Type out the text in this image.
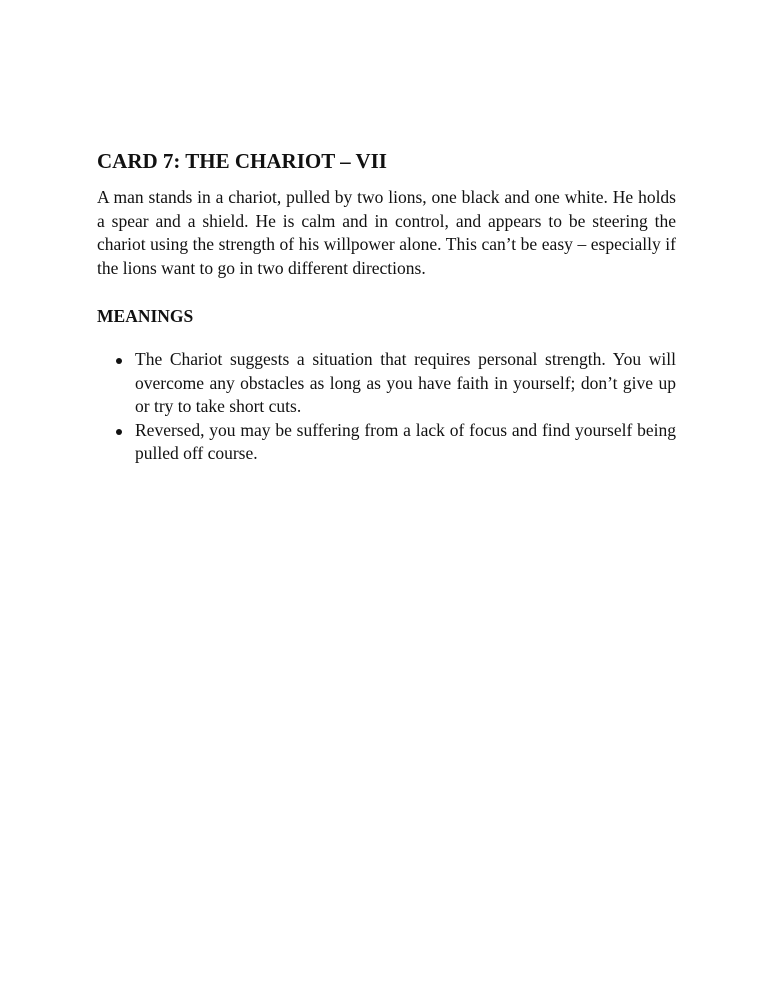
CARD 7: THE CHARIOT – VII

A man stands in a chariot, pulled by two lions, one black and one white. He holds a spear and a shield. He is calm and in control, and appears to be steering the chariot using the strength of his willpower alone. This can’t be easy – especially if the lions want to go in two different directions.

MEANINGS
The Chariot suggests a situation that requires personal strength. You will overcome any obstacles as long as you have faith in yourself; don’t give up or try to take short cuts.
Reversed, you may be suffering from a lack of focus and find yourself being pulled off course.
